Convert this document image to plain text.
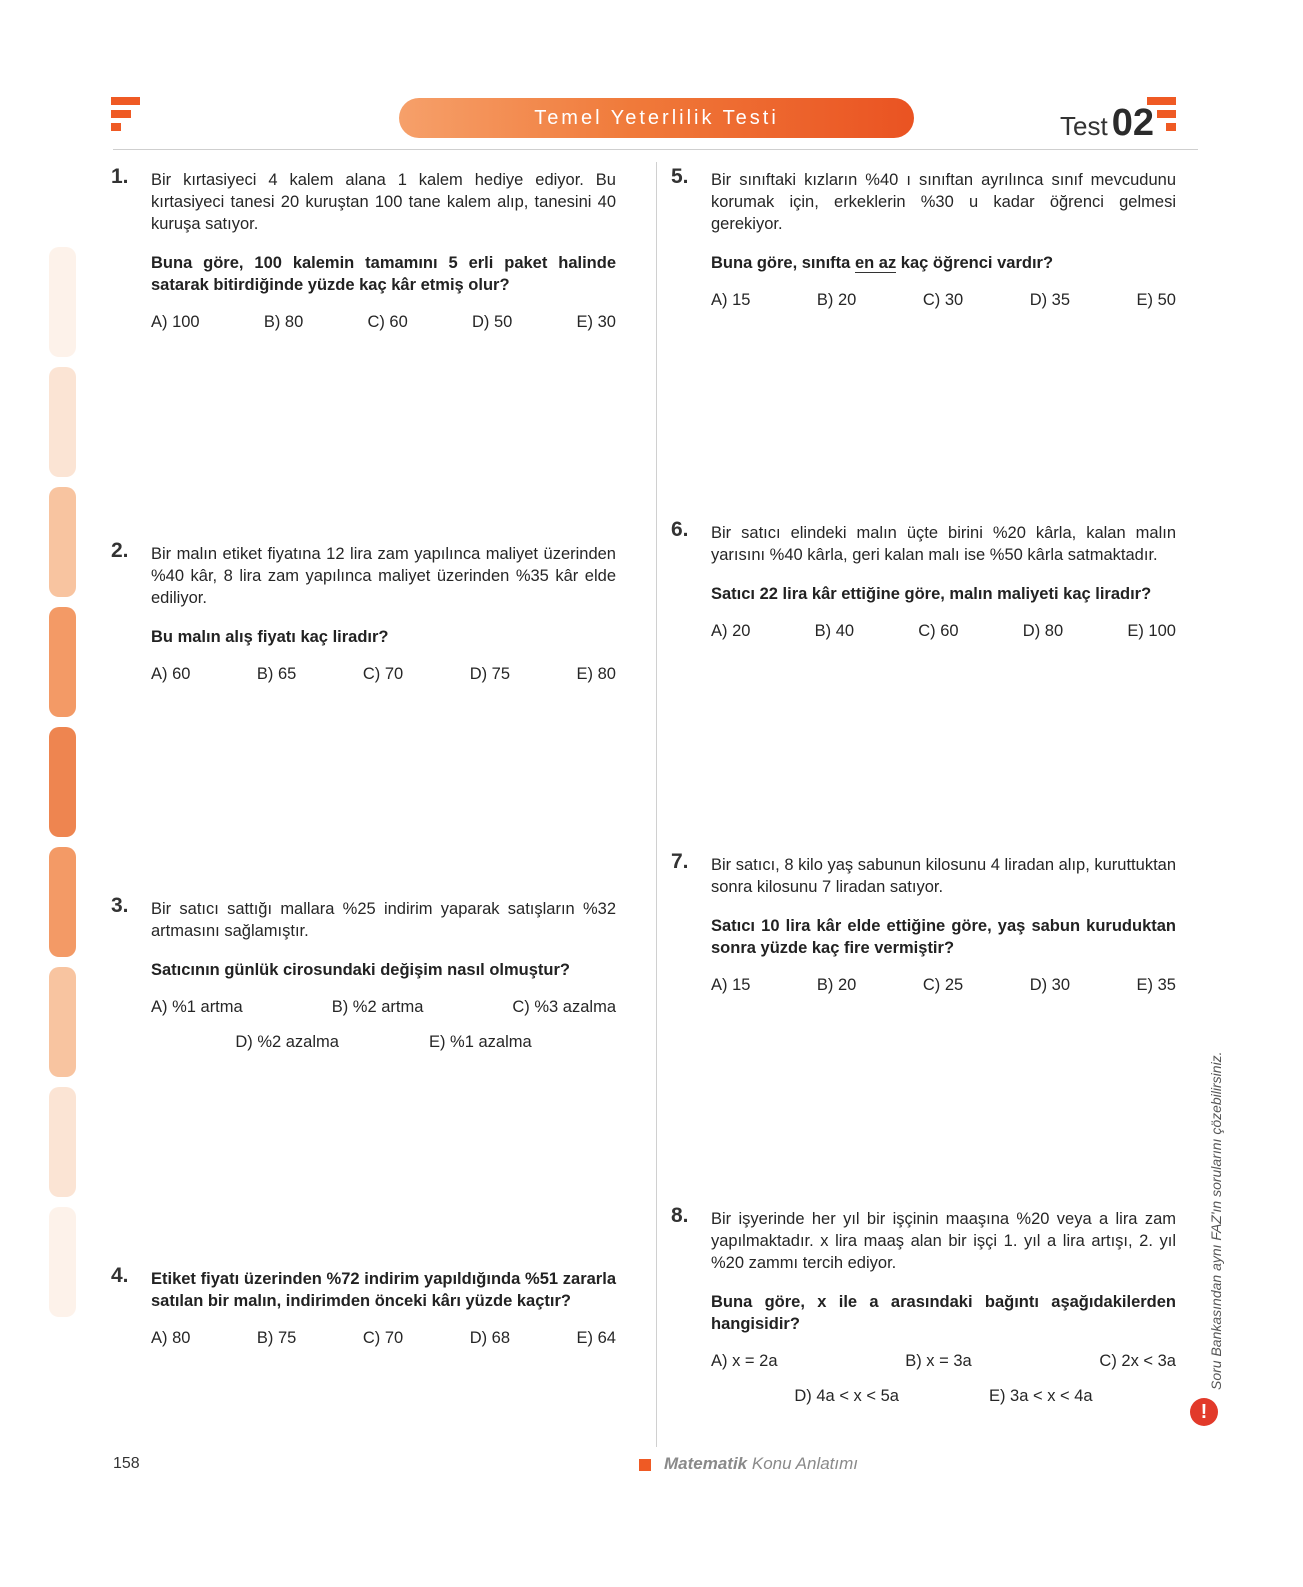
Temel Yeterlilik Testi	Test 02
1. Bir kırtasiyeci 4 kalem alana 1 kalem hediye ediyor. Bu kırtasiyeci tanesi 20 kuruştan 100 tane kalem alıp, tanesini 40 kuruşa satıyor.
Buna göre, 100 kalemin tamamını 5 erli paket halinde satarak bitirdiğinde yüzde kaç kâr etmiş olur?
A) 100	B) 80	C) 60	D) 50	E) 30
2. Bir malın etiket fiyatına 12 lira zam yapılınca maliyet üzerinden %40 kâr, 8 lira zam yapılınca maliyet üzerinden %35 kâr elde ediliyor.
Bu malın alış fiyatı kaç liradır?
A) 60	B) 65	C) 70	D) 75	E) 80
3. Bir satıcı sattığı mallara %25 indirim yaparak satışların %32 artmasını sağlamıştır.
Satıcının günlük cirosundaki değişim nasıl olmuştur?
A) %1 artma	B) %2 artma	C) %3 azalma
D) %2 azalma	E) %1 azalma
4. Etiket fiyatı üzerinden %72 indirim yapıldığında %51 zararla satılan bir malın, indirimden önceki kârı yüzde kaçtır?
A) 80	B) 75	C) 70	D) 68	E) 64
5. Bir sınıftaki kızların %40 ı sınıftan ayrılınca sınıf mevcudunu korumak için, erkeklerin %30 u kadar öğrenci gelmesi gerekiyor.
Buna göre, sınıfta en az kaç öğrenci vardır?
A) 15	B) 20	C) 30	D) 35	E) 50
6. Bir satıcı elindeki malın üçte birini %20 kârla, kalan malın yarısını %40 kârla, geri kalan malı ise %50 kârla satmaktadır.
Satıcı 22 lira kâr ettiğine göre, malın maliyeti kaç liradır?
A) 20	B) 40	C) 60	D) 80	E) 100
7. Bir satıcı, 8 kilo yaş sabunun kilosunu 4 liradan alıp, kuruttuktan sonra kilosunu 7 liradan satıyor.
Satıcı 10 lira kâr elde ettiğine göre, yaş sabun kuruduktan sonra yüzde kaç fire vermiştir?
A) 15	B) 20	C) 25	D) 30	E) 35
8. Bir işyerinde her yıl bir işçinin maaşına %20 veya a lira zam yapılmaktadır. x lira maaş alan bir işçi 1. yıl a lira artışı, 2. yıl %20 zammı tercih ediyor.
Buna göre, x ile a arasındaki bağıntı aşağıdakilerden hangisidir?
A) x = 2a	B) x = 3a	C) 2x < 3a
D) 4a < x < 5a	E) 3a < x < 4a
Soru Bankasından aynı FAZ'ın sorularını çözebilirsiniz.
!
158	Matematik Konu Anlatımı
